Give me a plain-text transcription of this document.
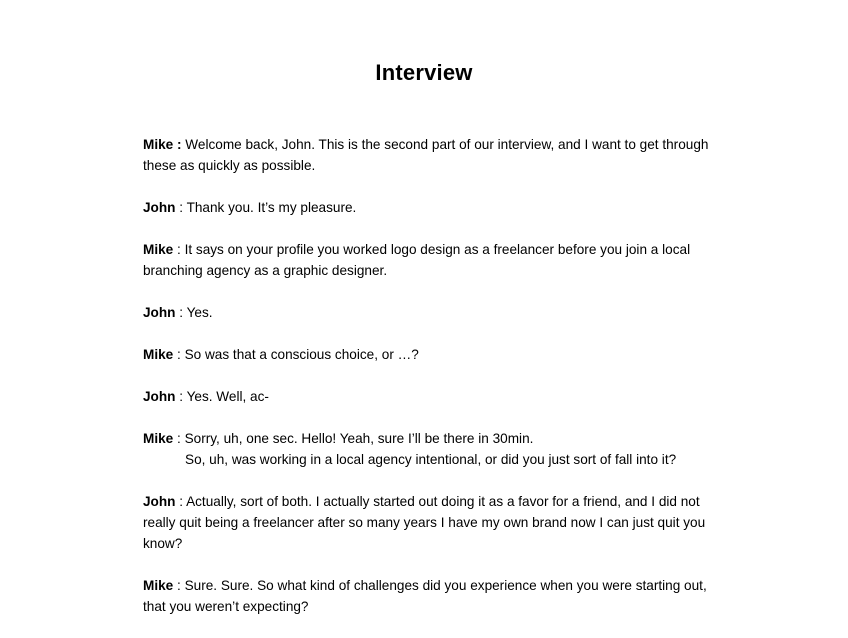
Interview

Mike : Welcome back, John. This is the second part of our interview, and I want to get through these as quickly as possible.

John : Thank you. It’s my pleasure.

Mike : It says on your profile you worked logo design as a freelancer before you join a local branching agency as a graphic designer.

John : Yes.

Mike : So was that a conscious choice, or …?

John : Yes. Well, ac-

Mike : Sorry, uh, one sec. Hello! Yeah, sure I’ll be there in 30min.
So, uh, was working in a local agency intentional, or did you just sort of fall into it?

John : Actually, sort of both. I actually started out doing it as a favor for a friend, and I did not really quit being a freelancer after so many years I have my own brand now I can just quit you know?

Mike : Sure. Sure. So what kind of challenges did you experience when you were starting out, that you weren’t expecting?
